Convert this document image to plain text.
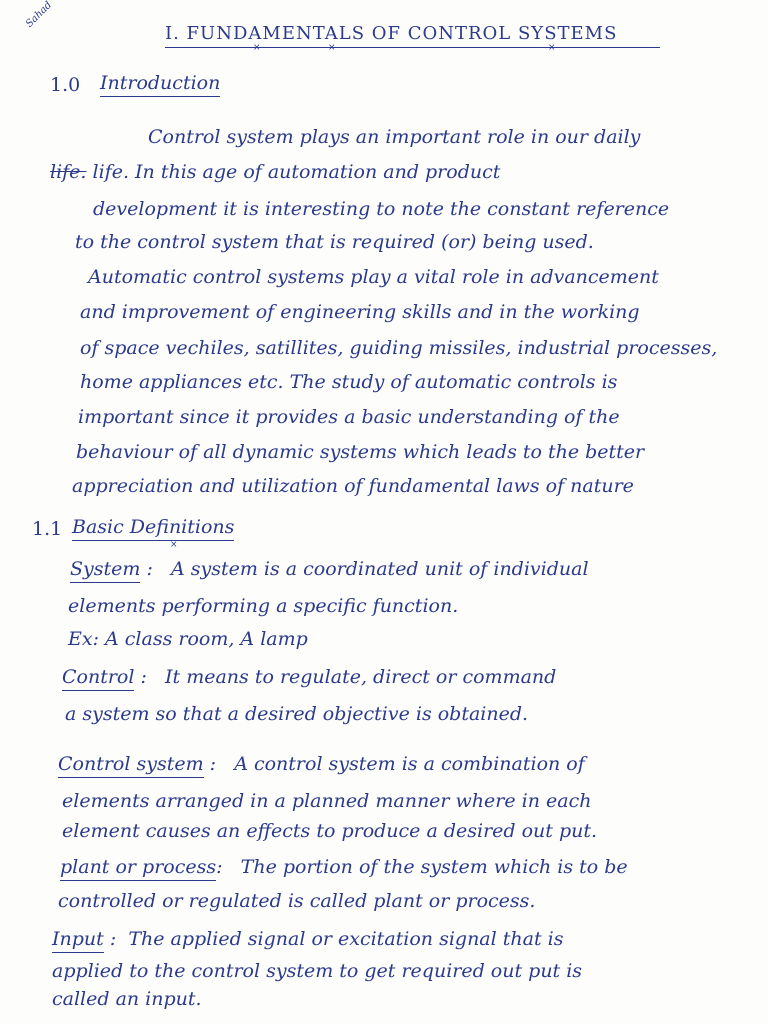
Sahad
I. FUNDAMENTALS OF CONTROL SYSTEMS
×	×	×
1.0 Introduction
Control system plays an important role in our daily
life. life. In this age of automation and product
development it is interesting to note the constant reference
to the control system that is required (or) being used.
Automatic control systems play a vital role in advancement
and improvement of engineering skills and in the working
of space vechiles, satillites, guiding missiles, industrial processes,
home appliances etc. The study of automatic controls is
important since it provides a basic understanding of the
behaviour of all dynamic systems which leads to the better
appreciation and utilization of fundamental laws of nature
1.1 Basic Definitions
×
System : A system is a coordinated unit of individual
elements performing a specific function.
Ex: A class room, A lamp
Control : It means to regulate, direct or command
a system so that a desired objective is obtained.
Control system : A control system is a combination of
elements arranged in a planned manner where in each
element causes an effects to produce a desired out put.
plant or process: The portion of the system which is to be
controlled or regulated is called plant or process.
Input : The applied signal or excitation signal that is
applied to the control system to get required out put is
called an input.
